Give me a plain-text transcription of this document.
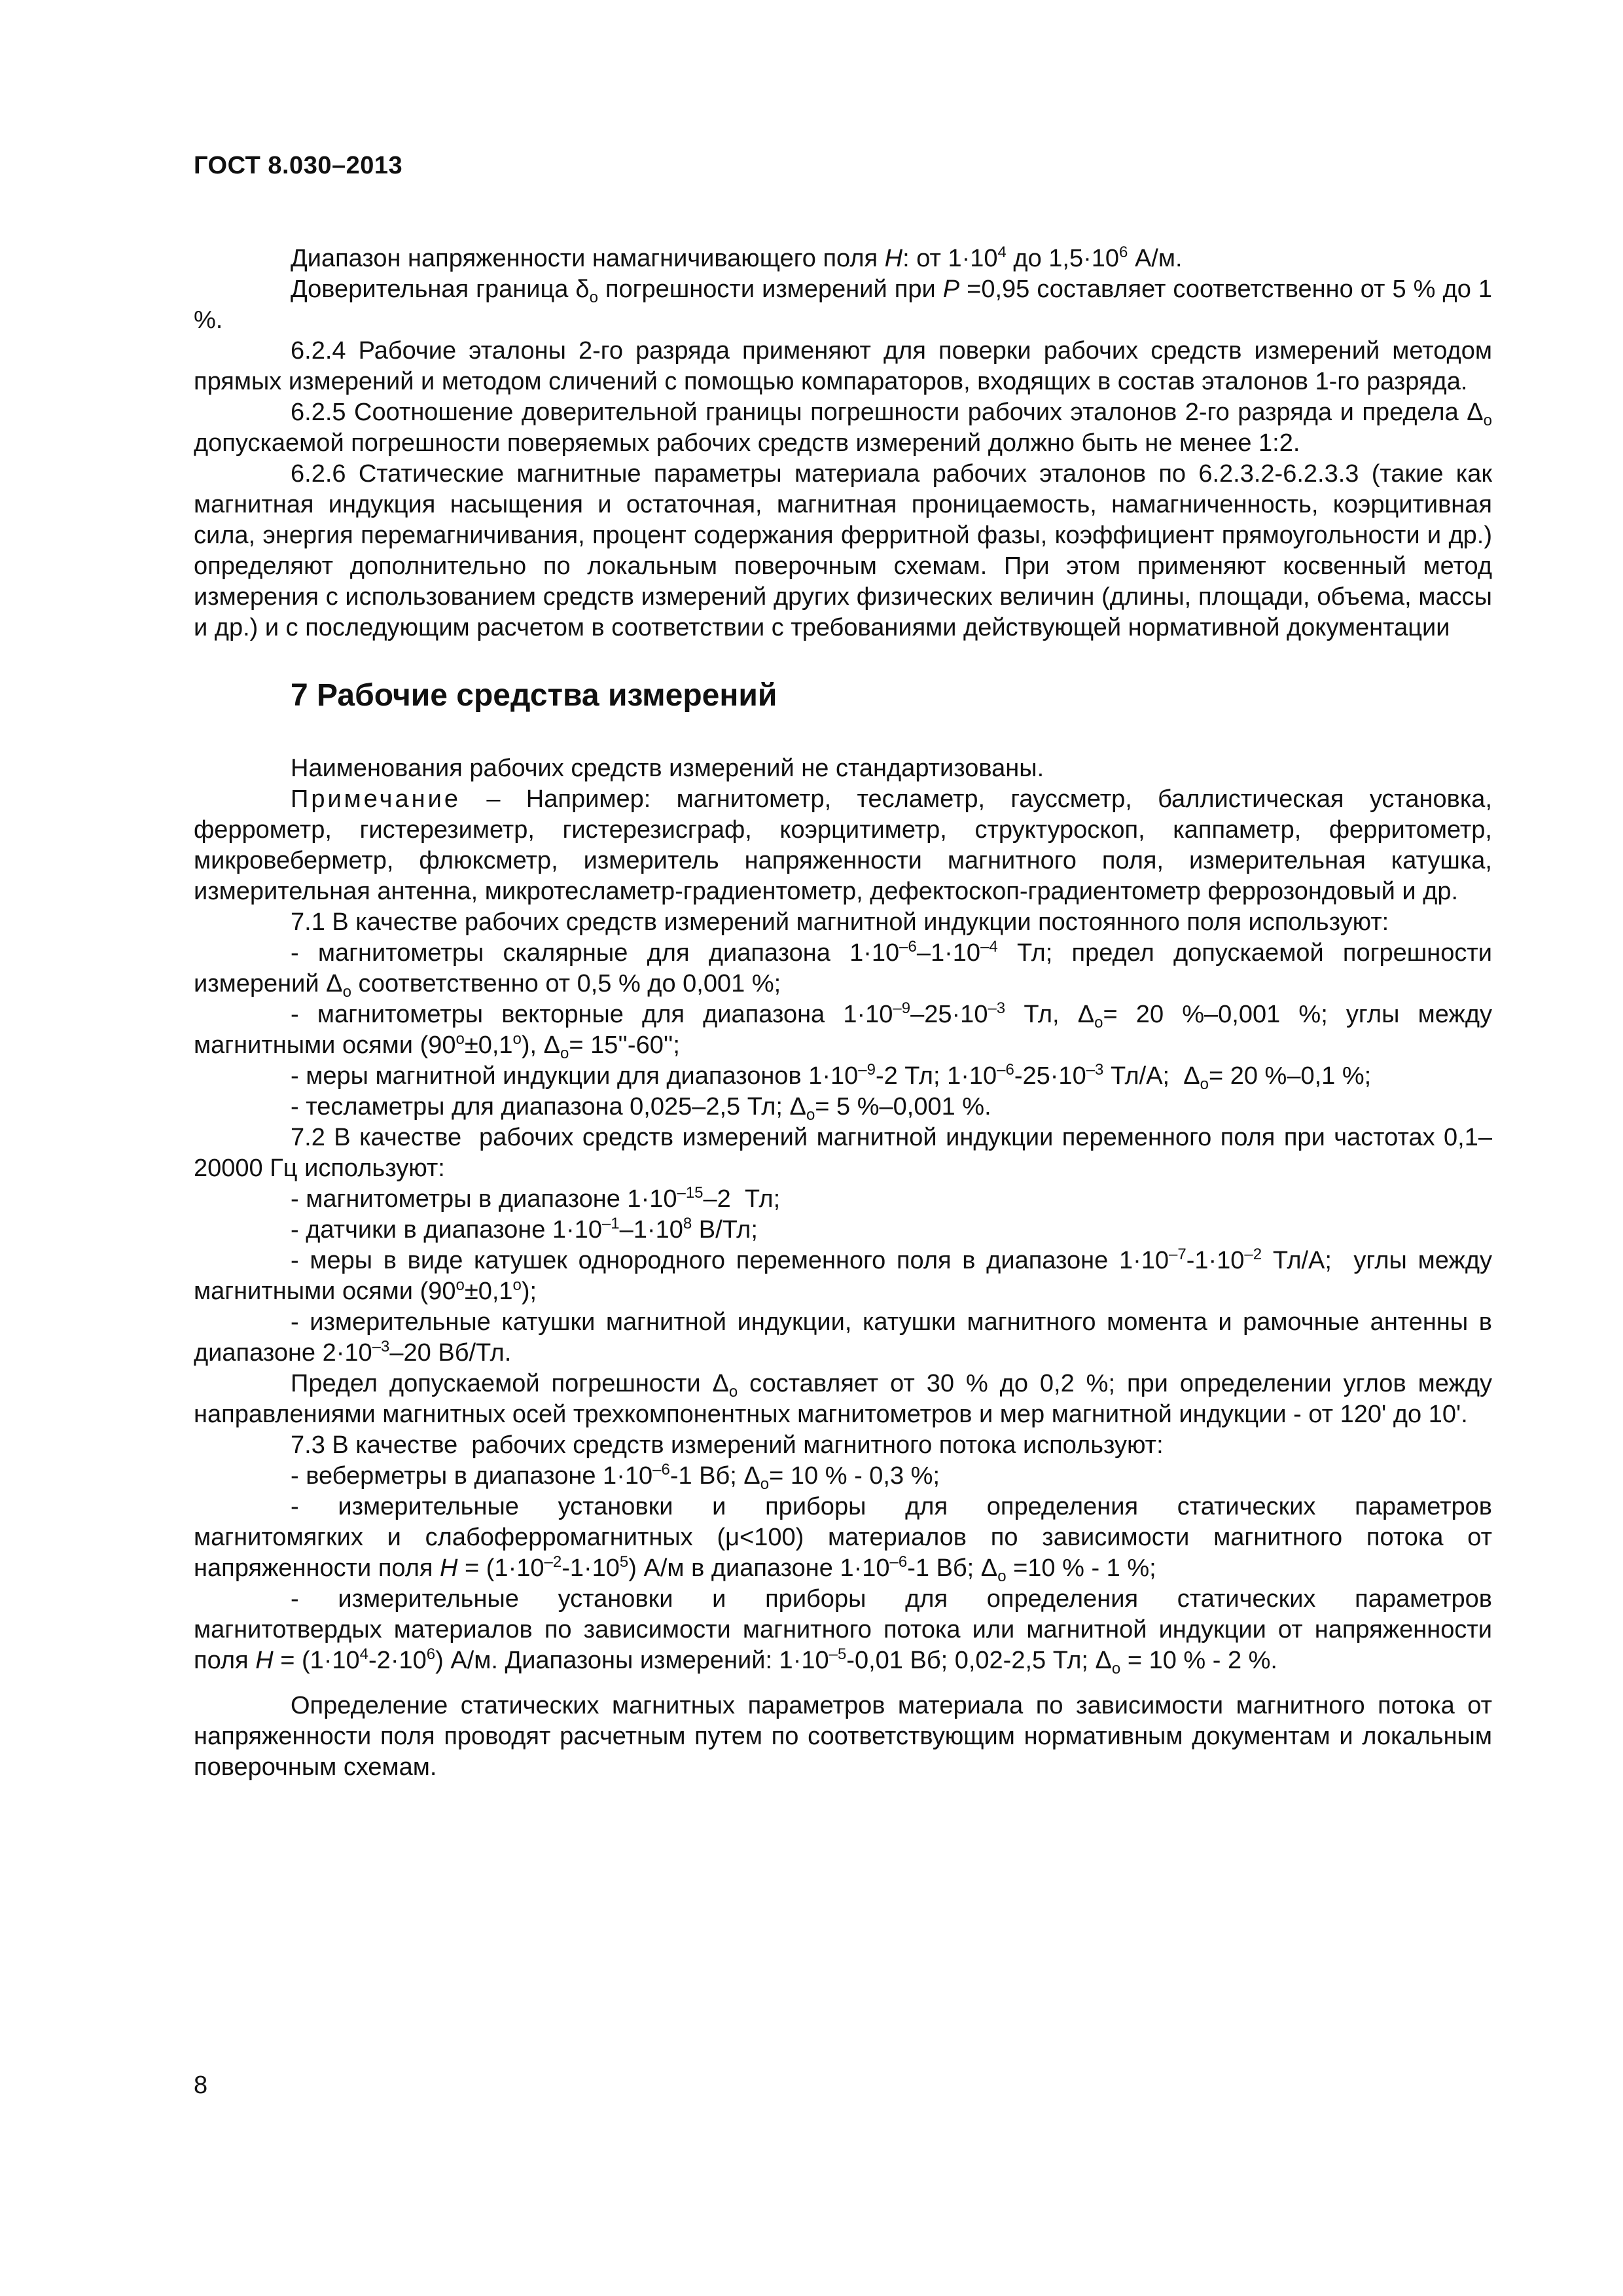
ГОСТ 8.030–2013

Диапазон напряженности намагничивающего поля H: от $1\cdot 10^4$ до $1,5\cdot 10^6$ А/м.

Доверительная граница $\delta_о$ погрешности измерений при P =0,95 составляет соответственно от 5 % до 1 %.

6.2.4 Рабочие эталоны 2-го разряда применяют для поверки рабочих средств измерений методом прямых измерений и методом сличений с помощью компараторов, входящих в состав эталонов 1-го разряда.

6.2.5 Соотношение доверительной границы погрешности рабочих эталонов 2-го разряда и предела $\Delta_о$ допускаемой погрешности поверяемых рабочих средств измерений должно быть не менее 1:2.

6.2.6 Статические магнитные параметры материала рабочих эталонов по 6.2.3.2-6.2.3.3 (такие как магнитная индукция насыщения и остаточная, магнитная проницаемость, намагниченность, коэрцитивная сила, энергия перемагничивания, процент содержания ферритной фазы, коэффициент прямоугольности и др.) определяют дополнительно по локальным поверочным схемам. При этом применяют косвенный метод измерения с использованием средств измерений других физических величин (длины, площади, объема, массы и др.) и с последующим расчетом в соответствии с требованиями действующей нормативной документации

7 Рабочие средства измерений

Наименования рабочих средств измерений не стандартизованы.

Примечание – Например: магнитометр, тесламетр, гауссметр, баллистическая установка, феррометр, гистерезиметр, гистерезисграф, коэрцитиметр, структуроскоп, каппаметр, ферритометр, микровеберметр, флюксметр, измеритель напряженности магнитного поля, измерительная катушка, измерительная антенна, микротесламетр-градиентометр, дефектоскоп-градиентометр феррозондовый и др.

7.1 В качестве рабочих средств измерений магнитной индукции постоянного поля используют:

- магнитометры скалярные для диапазона $1\cdot 10^{-6}-1\cdot 10^{-4}$ Тл; предел допускаемой погрешности измерений $\Delta_о$ соответственно от 0,5 % до 0,001 %;

- магнитометры векторные для диапазона $1\cdot 10^{-9}-25\cdot 10^{-3}$ Тл, $\Delta_о= 20$ %–0,001 %; углы между магнитными осями $(90^о\pm 0,1^о)$, $\Delta_о= 15''-60''$;

- меры магнитной индукции для диапазонов $1\cdot 10^{-9}-2$ Тл; $1\cdot 10^{-6}-25\cdot 10^{-3}$ Тл/А;  $\Delta_о= 20$ %–0,1 %;

- тесламетры для диапазона 0,025–2,5 Тл; $\Delta_о= 5$ %–0,001 %.

7.2 В качестве  рабочих средств измерений магнитной индукции переменного поля при частотах 0,1–20000 Гц используют:

- магнитометры в диапазоне $1\cdot 10^{-15}-2$  Тл;

- датчики в диапазоне $1\cdot 10^{-1}-1\cdot 10^8$ В/Тл;

- меры в виде катушек однородного переменного поля в диапазоне $1\cdot 10^{-7}-1\cdot 10^{-2}$ Тл/А;  углы между магнитными осями $(90^о\pm 0,1^о)$;

- измерительные катушки магнитной индукции, катушки магнитного момента и рамочные антенны в диапазоне $2\cdot 10^{-3}-20$ Вб/Тл.

Предел допускаемой погрешности $\Delta_о$ составляет от 30 % до 0,2 %; при определении углов между направлениями магнитных осей трехкомпонентных магнитометров и мер магнитной индукции - от 120' до 10'.

7.3 В качестве  рабочих средств измерений магнитного потока используют:

- веберметры в диапазоне $1\cdot 10^{-6}-1$ Вб; $\Delta_о= 10$ % - 0,3 %;

-   измерительные   установки   и   приборы   для   определения   статических   параметров магнитомягких и слабоферромагнитных (μ<100) материалов по зависимости магнитного потока от напряженности поля $H = (1\cdot 10^{-2}-1\cdot 10^5)$ А/м в диапазоне $1\cdot 10^{-6}-1$ Вб; $\Delta_о =10$ % - 1 %;

-   измерительные   установки   и   приборы   для   определения   статических   параметров магнитотвердых материалов по зависимости магнитного потока или магнитной индукции от напряженности поля $H = (1\cdot 10^4-2\cdot 10^6)$ А/м. Диапазоны измерений: $1\cdot 10^{-5}-0,01$ Вб; 0,02-2,5 Тл; $\Delta_о = 10$ % - 2 %.

Определение статических магнитных параметров материала по зависимости магнитного потока от напряженности поля проводят расчетным путем по соответствующим нормативным документам и локальным поверочным схемам.

8
